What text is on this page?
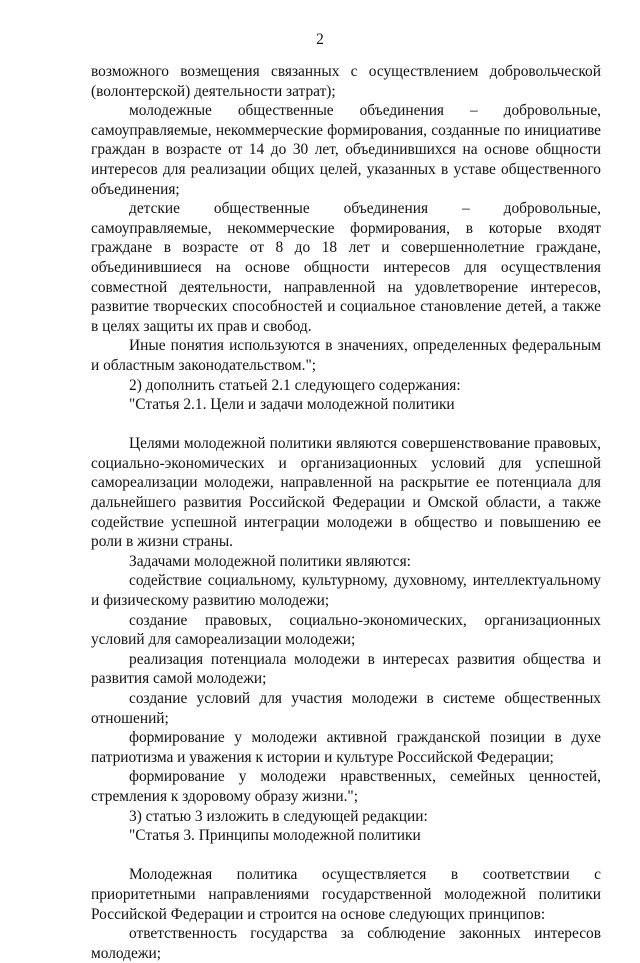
2

возможного возмещения связанных с осуществлением добровольческой (волонтерской) деятельности затрат);

молодежные общественные объединения – добровольные, самоуправляемые, некоммерческие формирования, созданные по инициативе граждан в возрасте от 14 до 30 лет, объединившихся на основе общности интересов для реализации общих целей, указанных в уставе общественного объединения;

детские общественные объединения – добровольные, самоуправляемые, некоммерческие формирования, в которые входят граждане в возрасте от 8 до 18 лет и совершеннолетние граждане, объединившиеся на основе общности интересов для осуществления совместной деятельности, направленной на удовлетворение интересов, развитие творческих способностей и социальное становление детей, а также в целях защиты их прав и свобод.

Иные понятия используются в значениях, определенных федеральным и областным законодательством.";

2) дополнить статьей 2.1 следующего содержания:

"Статья 2.1. Цели и задачи молодежной политики

Целями молодежной политики являются совершенствование правовых, социально-экономических и организационных условий для успешной самореализации молодежи, направленной на раскрытие ее потенциала для дальнейшего развития Российской Федерации и Омской области, а также содействие успешной интеграции молодежи в общество и повышению ее роли в жизни страны.

Задачами молодежной политики являются:

содействие социальному, культурному, духовному, интеллектуальному и физическому развитию молодежи;

создание правовых, социально-экономических, организационных условий для самореализации молодежи;

реализация потенциала молодежи в интересах развития общества и развития самой молодежи;

создание условий для участия молодежи в системе общественных отношений;

формирование у молодежи активной гражданской позиции в духе патриотизма и уважения к истории и культуре Российской Федерации;

формирование у молодежи нравственных, семейных ценностей, стремления к здоровому образу жизни.";

3) статью 3 изложить в следующей редакции:

"Статья 3. Принципы молодежной политики

Молодежная политика осуществляется в соответствии с приоритетными направлениями государственной молодежной политики Российской Федерации и строится на основе следующих принципов:

ответственность государства за соблюдение законных интересов молодежи;
